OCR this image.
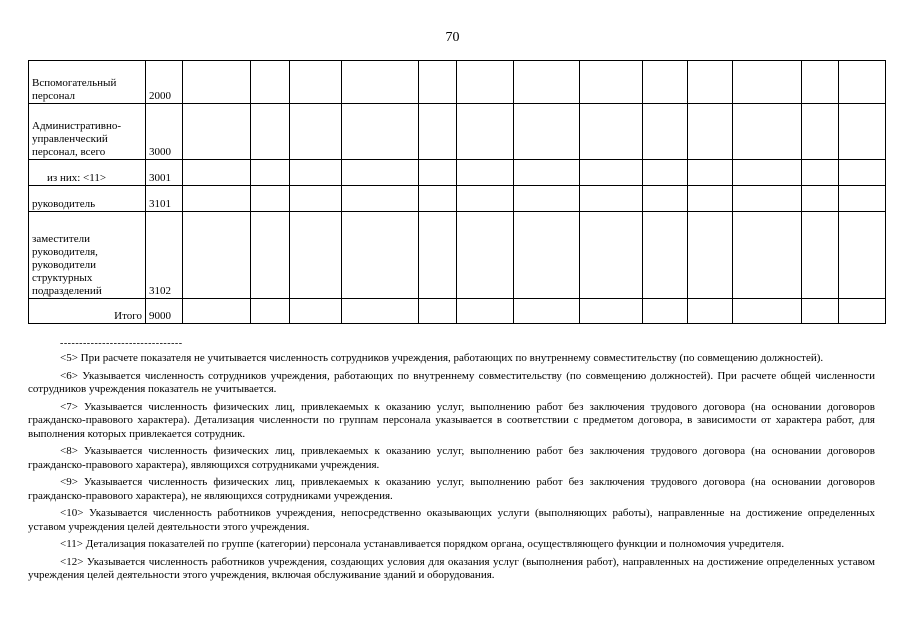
70
Вспомогательный персонал	2000													
Административно-управленческий персонал, всего	3000													
из них: <11>	3001													
руководитель	3101													
заместители руководителя, руководители структурных подразделений	3102													
Итого	9000													
--------------------------------

<5> При расчете показателя не учитывается численность сотрудников учреждения, работающих по внутреннему совместительству (по совмещению должностей).

<6> Указывается численность сотрудников учреждения, работающих по внутреннему совместительству (по совмещению должностей). При расчете общей численности сотрудников учреждения показатель не учитывается.

<7> Указывается численность физических лиц, привлекаемых к оказанию услуг, выполнению работ без заключения трудового договора (на основании договоров гражданско-правового характера). Детализация численности по группам персонала указывается в соответствии с предметом договора, в зависимости от характера работ, для выполнения которых привлекается сотрудник.

<8> Указывается численность физических лиц, привлекаемых к оказанию услуг, выполнению работ без заключения трудового договора (на основании договоров гражданско-правового характера), являющихся сотрудниками учреждения.

<9> Указывается численность физических лиц, привлекаемых к оказанию услуг, выполнению работ без заключения трудового договора (на основании договоров гражданско-правового характера), не являющихся сотрудниками учреждения.

<10> Указывается численность работников учреждения, непосредственно оказывающих услуги (выполняющих работы), направленные на достижение определенных уставом учреждения целей деятельности этого учреждения.

<11> Детализация показателей по группе (категории) персонала устанавливается порядком органа, осуществляющего функции и полномочия учредителя.

<12> Указывается численность работников учреждения, создающих условия для оказания услуг (выполнения работ), направленных на достижение определенных уставом учреждения целей деятельности этого учреждения, включая обслуживание зданий и оборудования.
